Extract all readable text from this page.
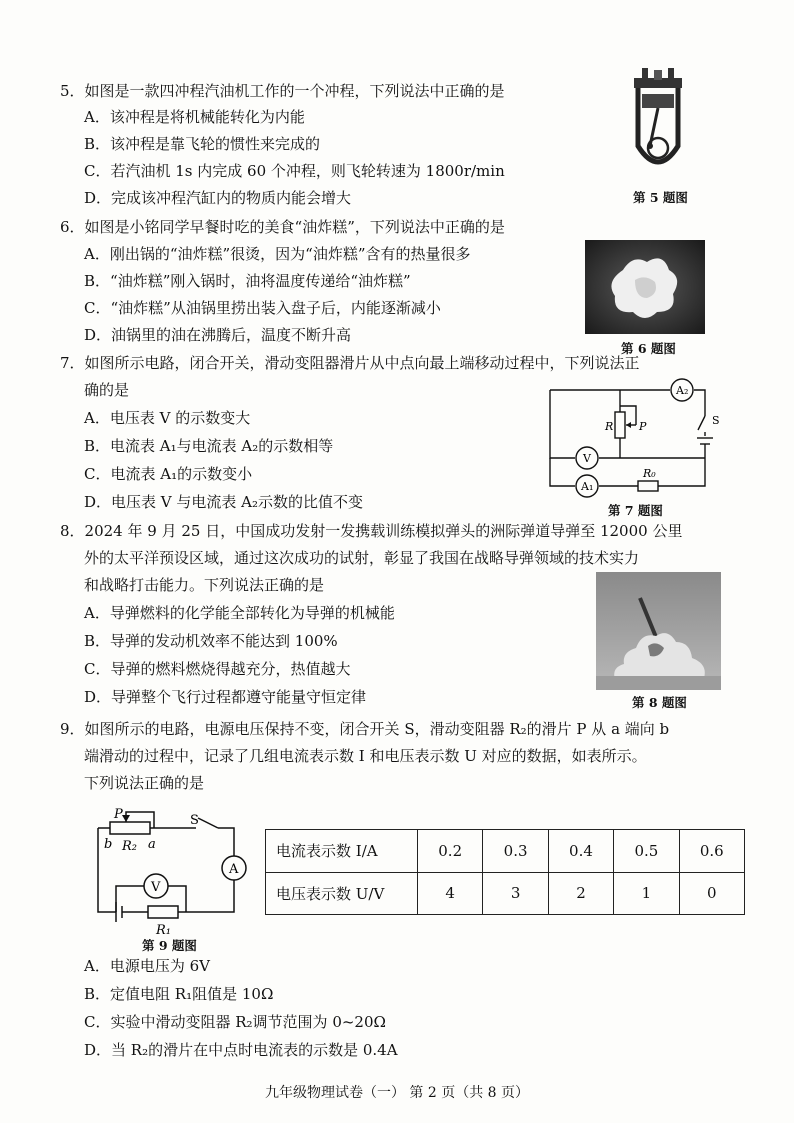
5．如图是一款四冲程汽油机工作的一个冲程，下列说法中正确的是
A．该冲程是将机械能转化为内能
B．该冲程是靠飞轮的惯性来完成的
C．若汽油机 1s 内完成 60 个冲程，则飞轮转速为 1800r/min
D．完成该冲程汽缸内的物质内能会增大	第 5 题图
6．如图是小铭同学早餐时吃的美食“油炸糕”，下列说法中正确的是
A．刚出锅的“油炸糕”很烫，因为“油炸糕”含有的热量很多
B．“油炸糕”刚入锅时，油将温度传递给“油炸糕”
C．“油炸糕”从油锅里捞出装入盘子后，内能逐渐减小
D．油锅里的油在沸腾后，温度不断升高
第 6 题图
7．如图所示电路，闭合开关，滑动变阻器滑片从中点向最上端移动过程中，下列说法正
确的是
A．电压表 V 的示数变大
B．电流表 A₁与电流表 A₂的示数相等
C．电流表 A₁的示数变小
D．电压表 V 与电流表 A₂示数的比值不变
A₂
V
A₁
R P	S
R₀
第 7 题图
8．2024 年 9 月 25 日，中国成功发射一发携载训练模拟弹头的洲际弹道导弹至 12000 公里
外的太平洋预设区域，通过这次成功的试射，彰显了我国在战略导弹领域的技术实力
和战略打击能力。下列说法正确的是
A．导弹燃料的化学能全部转化为导弹的机械能
B．导弹的发动机效率不能达到 100%
C．导弹的燃料燃烧得越充分，热值越大
D．导弹整个飞行过程都遵守能量守恒定律	第 8 题图
9．如图所示的电路，电源电压保持不变，闭合开关 S，滑动变阻器 R₂的滑片 P 从 a 端向 b
端滑动的过程中，记录了几组电流表示数 I 和电压表示数 U 对应的数据，如表所示。
下列说法正确的是
P	S
b R₂ a
A
V
R₁
第 9 题图
电流表示数 I/A	0.2	0.3	0.4	0.5	0.6
电压表示数 U/V	4	3	2	1	0
A．电源电压为 6V
B．定值电阻 R₁阻值是 10Ω
C．实验中滑动变阻器 R₂调节范围为 0~20Ω
D．当 R₂的滑片在中点时电流表的示数是 0.4A
九年级物理试卷（一） 第 2 页（共 8 页）
